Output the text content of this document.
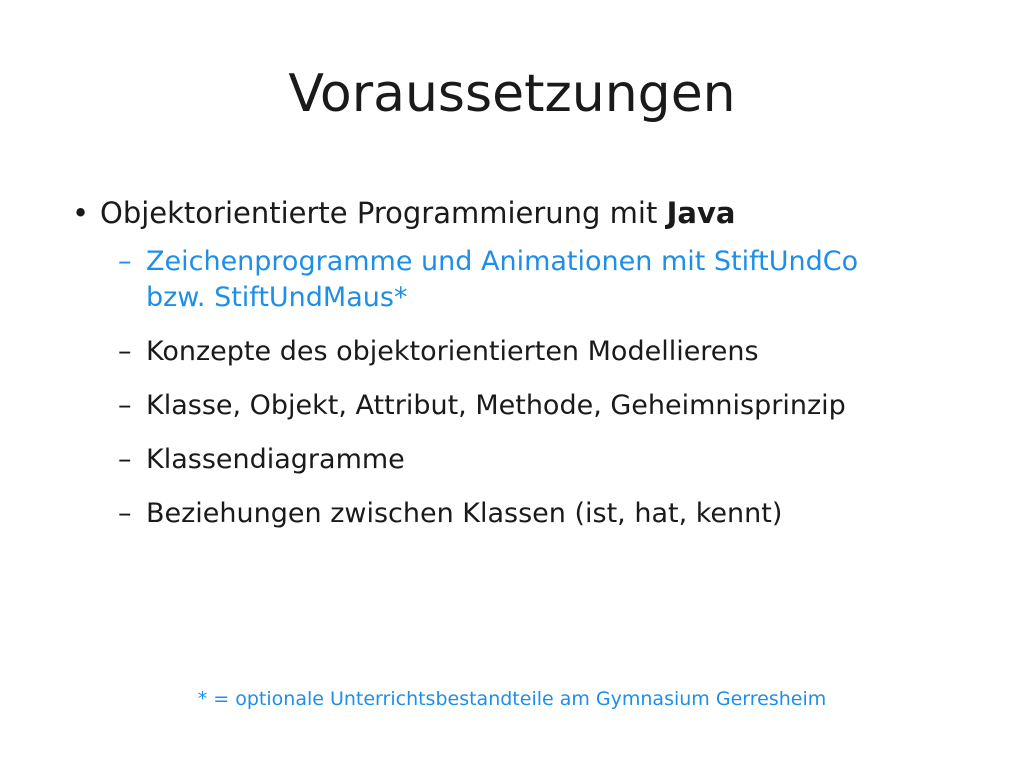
Voraussetzungen
• Objektorientierte Programmierung mit Java
– Zeichenprogramme und Animationen mit StiftUndCo bzw. StiftUndMaus*
– Konzepte des objektorientierten Modellierens
– Klasse, Objekt, Attribut, Methode, Geheimnisprinzip
– Klassendiagramme
– Beziehungen zwischen Klassen (ist, hat, kennt)
* = optionale Unterrichtsbestandteile am Gymnasium Gerresheim
